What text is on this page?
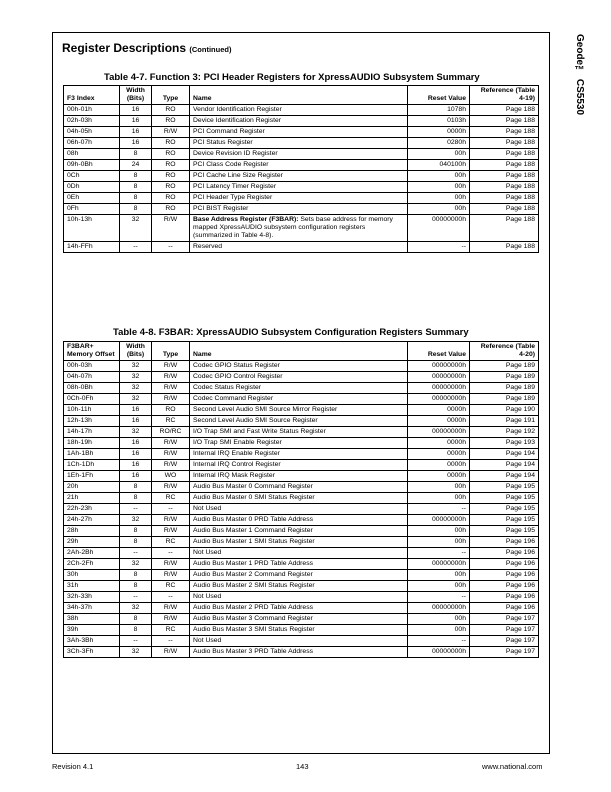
Register Descriptions (Continued)	Geode™ CS5530
Table 4-7. Function 3: PCI Header Registers for XpressAUDIO Subsystem Summary
F3 Index	Width (Bits)	Type	Name	Reset Value	Reference (Table 4-19)
00h-01h	16	RO	Vendor Identification Register	1078h	Page 188
02h-03h	16	RO	Device Identification Register	0103h	Page 188
04h-05h	16	R/W	PCI Command Register	0000h	Page 188
06h-07h	16	RO	PCI Status Register	0280h	Page 188
08h	8	RO	Device Revision ID Register	00h	Page 188
09h-0Bh	24	RO	PCI Class Code Register	040100h	Page 188
0Ch	8	RO	PCI Cache Line Size Register	00h	Page 188
0Dh	8	RO	PCI Latency Timer Register	00h	Page 188
0Eh	8	RO	PCI Header Type Register	00h	Page 188
0Fh	8	RO	PCI BIST Register	00h	Page 188
10h-13h	32	R/W	Base Address Register (F3BAR): Sets base address for memory mapped XpressAUDIO subsystem configuration registers (summarized in Table 4-8).	00000000h	Page 188
14h-FFh	--	--	Reserved	--	Page 188
Table 4-8. F3BAR: XpressAUDIO Subsystem Configuration Registers Summary
F3BAR+ Memory Offset	Width (Bits)	Type	Name	Reset Value	Reference (Table 4-20)
00h-03h	32	R/W	Codec GPIO Status Register	00000000h	Page 189
04h-07h	32	R/W	Codec GPIO Control Register	00000000h	Page 189
08h-0Bh	32	R/W	Codec Status Register	00000000h	Page 189
0Ch-0Fh	32	R/W	Codec Command Register	00000000h	Page 189
10h-11h	16	RO	Second Level Audio SMI Source Mirror Register	0000h	Page 190
12h-13h	16	RC	Second Level Audio SMI Source Register	0000h	Page 191
14h-17h	32	RO/RC	I/O Trap SMI and Fast Write Status Register	00000000h	Page 192
18h-19h	16	R/W	I/O Trap SMI Enable Register	0000h	Page 193
1Ah-1Bh	16	R/W	Internal IRQ Enable Register	0000h	Page 194
1Ch-1Dh	16	R/W	Internal IRQ Control Register	0000h	Page 194
1Eh-1Fh	16	WO	Internal IRQ Mask Register	0000h	Page 194
20h	8	R/W	Audio Bus Master 0 Command Register	00h	Page 195
21h	8	RC	Audio Bus Master 0 SMI Status Register	00h	Page 195
22h-23h	--	--	Not Used	--	Page 195
24h-27h	32	R/W	Audio Bus Master 0 PRD Table Address	00000000h	Page 195
28h	8	R/W	Audio Bus Master 1 Command Register	00h	Page 195
29h	8	RC	Audio Bus Master 1 SMI Status Register	00h	Page 196
2Ah-2Bh	--	--	Not Used	--	Page 196
2Ch-2Fh	32	R/W	Audio Bus Master 1 PRD Table Address	00000000h	Page 196
30h	8	R/W	Audio Bus Master 2 Command Register	00h	Page 196
31h	8	RC	Audio Bus Master 2 SMI Status Register	00h	Page 196
32h-33h	--	--	Not Used	--	Page 196
34h-37h	32	R/W	Audio Bus Master 2 PRD Table Address	00000000h	Page 196
38h	8	R/W	Audio Bus Master 3 Command Register	00h	Page 197
39h	8	RC	Audio Bus Master 3 SMI Status Register	00h	Page 197
3Ah-3Bh	--	--	Not Used	--	Page 197
3Ch-3Fh	32	R/W	Audio Bus Master 3 PRD Table Address	00000000h	Page 197
Revision 4.1	143	www.national.com
